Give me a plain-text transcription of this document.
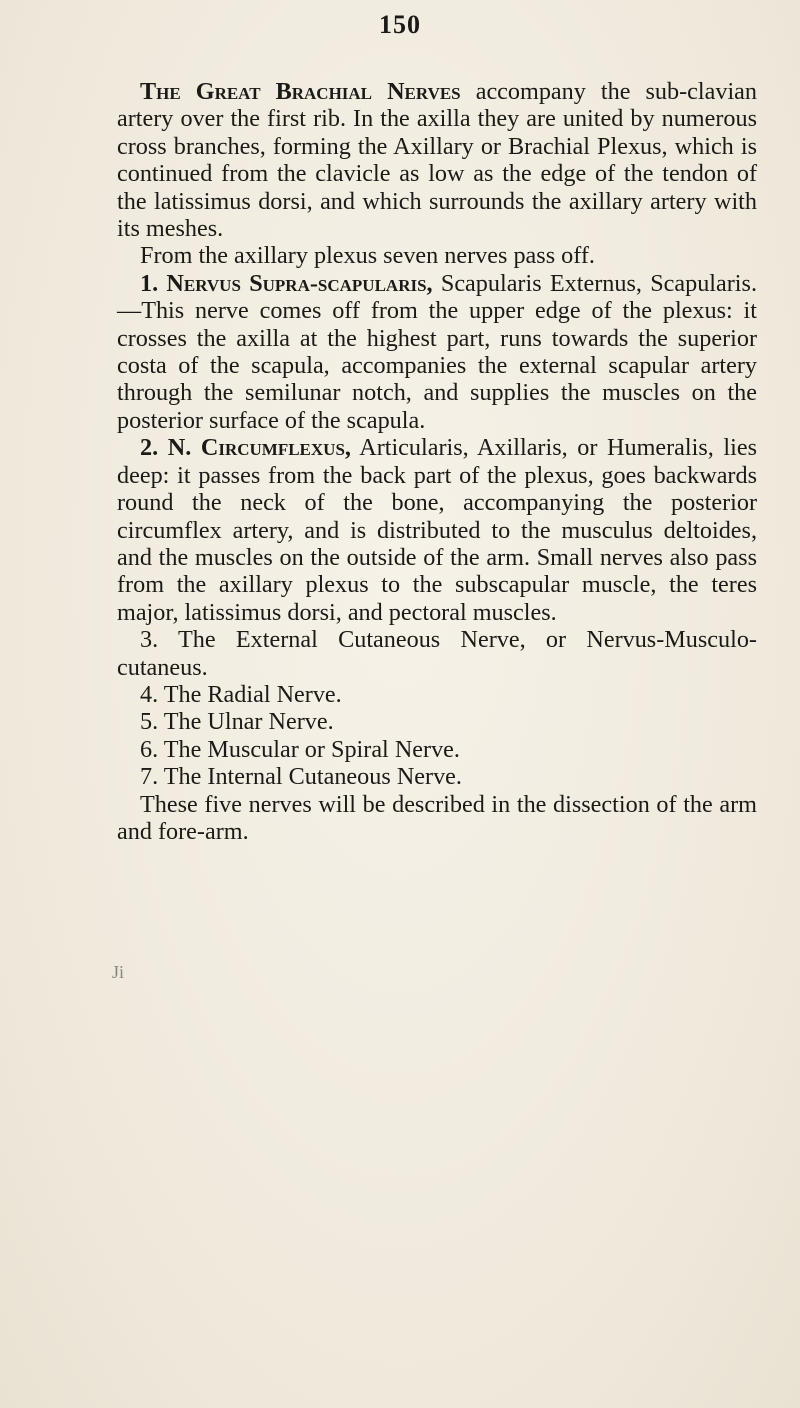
150

The Great Brachial Nerves accompany the sub-clavian artery over the first rib. In the axilla they are united by numerous cross branches, forming the Axillary or Brachial Plexus, which is continued from the clavicle as low as the edge of the tendon of the latissimus dorsi, and which surrounds the axillary artery with its meshes.

From the axillary plexus seven nerves pass off.

1. Nervus Supra-scapularis, Scapularis Externus, Scapularis.—This nerve comes off from the upper edge of the plexus: it crosses the axilla at the highest part, runs towards the superior costa of the scapula, accompanies the external scapular artery through the semilunar notch, and supplies the muscles on the posterior surface of the scapula.

2. N. Circumflexus, Articularis, Axillaris, or Humeralis, lies deep: it passes from the back part of the plexus, goes backwards round the neck of the bone, accompanying the posterior circumflex artery, and is distributed to the musculus deltoides, and the muscles on the outside of the arm. Small nerves also pass from the axillary plexus to the subscapular muscle, the teres major, latissimus dorsi, and pectoral muscles.

3. The External Cutaneous Nerve, or Nervus-Musculo-cutaneus.

4. The Radial Nerve.

5. The Ulnar Nerve.

6. The Muscular or Spiral Nerve.

7. The Internal Cutaneous Nerve.

These five nerves will be described in the dissection of the arm and fore-arm.

Ji
